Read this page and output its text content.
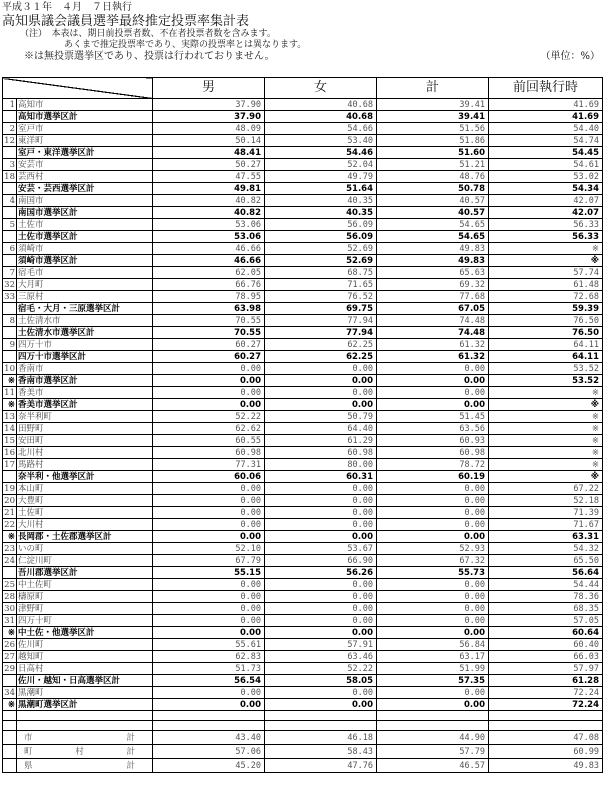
平成３１年　４月　７日執行
高知県議会議員選挙最終推定投票率集計表
（注）　 本表は、期日前投票者数、不在者投票者数を含みます。
あくまで推定投票率であり、実際の投票率とは異なります。
※は無投票選挙区であり、投票は行われておりません。	（単位：%）
		男	女	計	前回執行時
1	高知市	37.90	40.68	39.41	41.69
	高知市選挙区計	37.90	40.68	39.41	41.69
2	室戸市	48.09	54.66	51.56	54.40
12	東洋町	50.14	53.40	51.86	54.74
	室戸・東洋選挙区計	48.41	54.46	51.60	54.45
3	安芸市	50.27	52.04	51.21	54.61
18	芸西村	47.55	49.79	48.76	53.02
	安芸・芸西選挙区計	49.81	51.64	50.78	54.34
4	南国市	40.82	40.35	40.57	42.07
	南国市選挙区計	40.82	40.35	40.57	42.07
5	土佐市	53.06	56.09	54.65	56.33
	土佐市選挙区計	53.06	56.09	54.65	56.33
6	須崎市	46.66	52.69	49.83	※
	須崎市選挙区計	46.66	52.69	49.83	※
7	宿毛市	62.05	68.75	65.63	57.74
32	大月町	66.76	71.65	69.32	61.48
33	三原村	78.95	76.52	77.68	72.68
	宿毛・大月・三原選挙区計	63.98	69.75	67.05	59.39
8	土佐清水市	70.55	77.94	74.48	76.50
	土佐清水市選挙区計	70.55	77.94	74.48	76.50
9	四万十市	60.27	62.25	61.32	64.11
	四万十市選挙区計	60.27	62.25	61.32	64.11
10	香南市	0.00	0.00	0.00	53.52
※	香南市選挙区計	0.00	0.00	0.00	53.52
11	香美市	0.00	0.00	0.00	※
※	香美市選挙区計	0.00	0.00	0.00	※
13	奈半利町	52.22	50.79	51.45	※
14	田野町	62.62	64.40	63.56	※
15	安田町	60.55	61.29	60.93	※
16	北川村	60.98	60.98	60.98	※
17	馬路村	77.31	80.00	78.72	※
	奈半利・他選挙区計	60.06	60.31	60.19	※
19	本山町	0.00	0.00	0.00	67.22
20	大豊町	0.00	0.00	0.00	52.18
21	土佐町	0.00	0.00	0.00	71.39
22	大川村	0.00	0.00	0.00	71.67
※	長岡郡・土佐郡選挙区計	0.00	0.00	0.00	63.31
23	いの町	52.10	53.67	52.93	54.32
24	仁淀川町	67.79	66.90	67.32	65.50
	吾川郡選挙区計	55.15	56.26	55.73	56.64
25	中土佐町	0.00	0.00	0.00	54.44
28	檮原町	0.00	0.00	0.00	78.36
30	津野町	0.00	0.00	0.00	68.35
31	四万十町	0.00	0.00	0.00	57.05
※	中土佐・他選挙区計	0.00	0.00	0.00	60.64
26	佐川町	55.61	57.91	56.84	60.40
27	越知町	62.83	63.46	63.17	66.03
29	日高村	51.73	52.22	51.99	57.97
	佐川・越知・日高選挙区計	56.54	58.05	57.35	61.28
34	黒潮町	0.00	0.00	0.00	72.24
※	黒潮町選挙区計	0.00	0.00	0.00	72.24

	市 計	43.40	46.18	44.90	47.08

	町 村 計	57.06	58.43	57.79	60.99

	県 計	45.20	47.76	46.57	49.83
